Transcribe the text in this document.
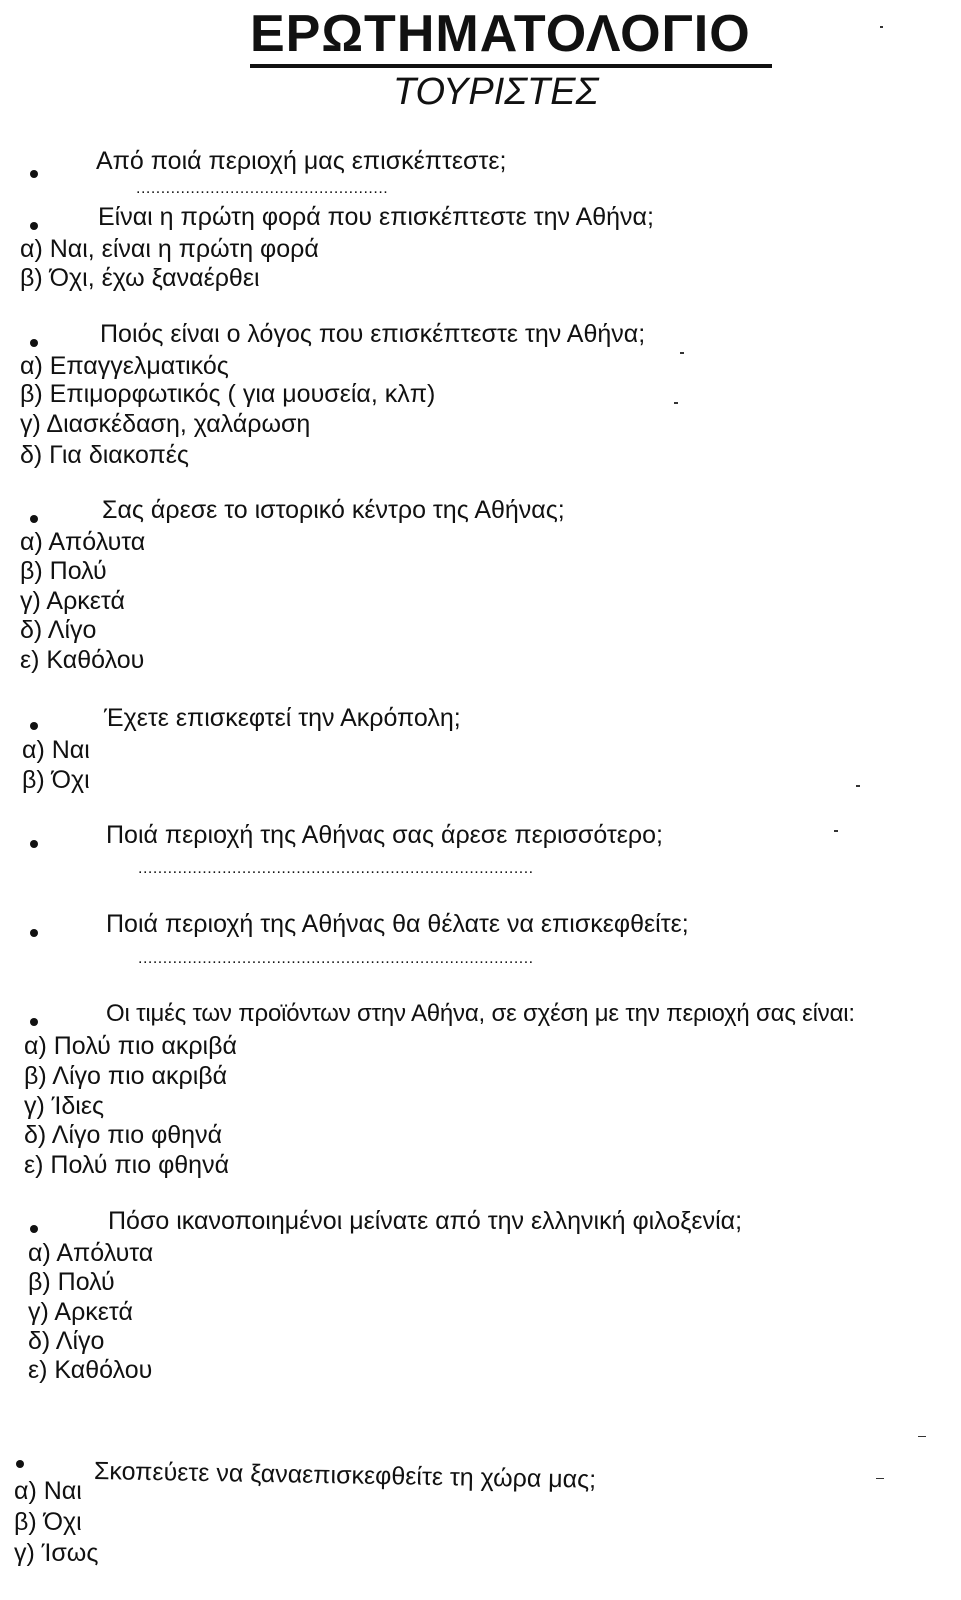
ΕΡΩΤΗΜΑΤΟΛΟΓΙΟ
ΤΟΥΡΙΣΤΕΣ
Από ποιά περιοχή μας επισκέπτεστε;
...................................................
Είναι η πρώτη φορά που επισκέπτεστε την Αθήνα;
α) Ναι, είναι η πρώτη φορά
β) Όχι, έχω ξαναέρθει
Ποιός είναι ο λόγος που επισκέπτεστε την Αθήνα;
α) Επαγγελματικός
β) Επιμορφωτικός ( για μουσεία, κλπ)
γ) Διασκέδαση, χαλάρωση
δ) Για διακοπές
Σας άρεσε το ιστορικό κέντρο της Αθήνας;
α) Απόλυτα
β) Πολύ
γ) Αρκετά
δ) Λίγο
ε) Καθόλου
Έχετε επισκεφτεί την Ακρόπολη;
α) Ναι
β) Όχι
Ποιά περιοχή της Αθήνας σας άρεσε περισσότερο;
................................................................................
Ποιά περιοχή της Αθήνας θα θέλατε να επισκεφθείτε;
................................................................................
Οι τιμές των προϊόντων στην Αθήνα, σε σχέση με την περιοχή σας είναι:
α) Πολύ πιο ακριβά
β) Λίγο πιο ακριβά
γ) Ίδιες
δ) Λίγο πιο φθηνά
ε) Πολύ πιο φθηνά
Πόσο ικανοποιημένοι μείνατε από την ελληνική φιλοξενία;
α) Απόλυτα
β) Πολύ
γ) Αρκετά
δ) Λίγο
ε) Καθόλου
Σκοπεύετε να ξαναεπισκεφθείτε τη χώρα μας;
α) Ναι
β) Όχι
γ) Ίσως
